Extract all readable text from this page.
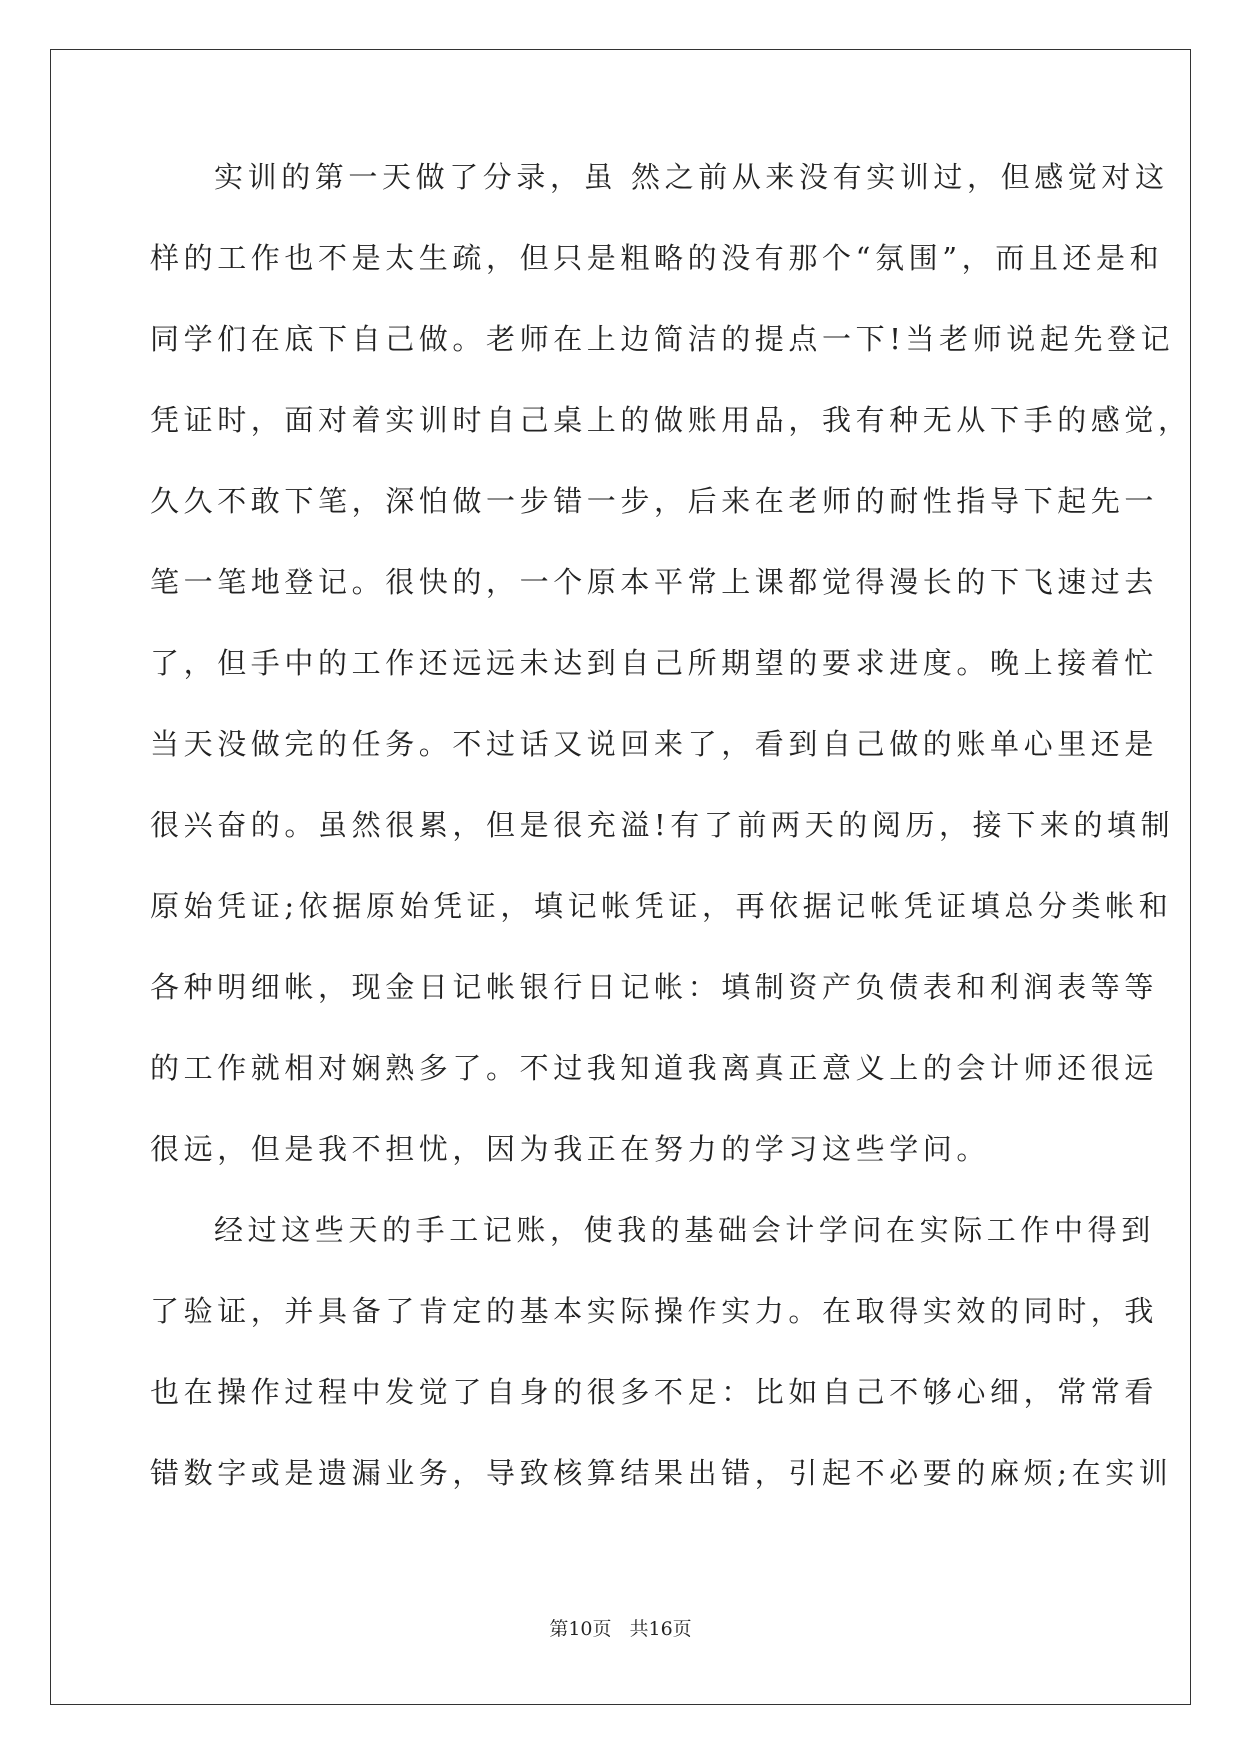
实训的第一天做了分录，虽 然之前从来没有实训过，但感觉对这
样的工作也不是太生疏，但只是粗略的没有那个“氛围”，而且还是和
同学们在底下自己做。老师在上边简洁的提点一下!当老师说起先登记
凭证时，面对着实训时自己桌上的做账用品，我有种无从下手的感觉，
久久不敢下笔，深怕做一步错一步，后来在老师的耐性指导下起先一
笔一笔地登记。很快的，一个原本平常上课都觉得漫长的下飞速过去
了，但手中的工作还远远未达到自己所期望的要求进度。晚上接着忙
当天没做完的任务。不过话又说回来了，看到自己做的账单心里还是
很兴奋的。虽然很累，但是很充溢!有了前两天的阅历，接下来的填制
原始凭证;依据原始凭证，填记帐凭证，再依据记帐凭证填总分类帐和
各种明细帐，现金日记帐银行日记帐：填制资产负债表和利润表等等
的工作就相对娴熟多了。不过我知道我离真正意义上的会计师还很远
很远，但是我不担忧，因为我正在努力的学习这些学问。
经过这些天的手工记账，使我的基础会计学问在实际工作中得到
了验证，并具备了肯定的基本实际操作实力。在取得实效的同时，我
也在操作过程中发觉了自身的很多不足：比如自己不够心细，常常看
错数字或是遗漏业务，导致核算结果出错，引起不必要的麻烦;在实训
第10页 共16页
